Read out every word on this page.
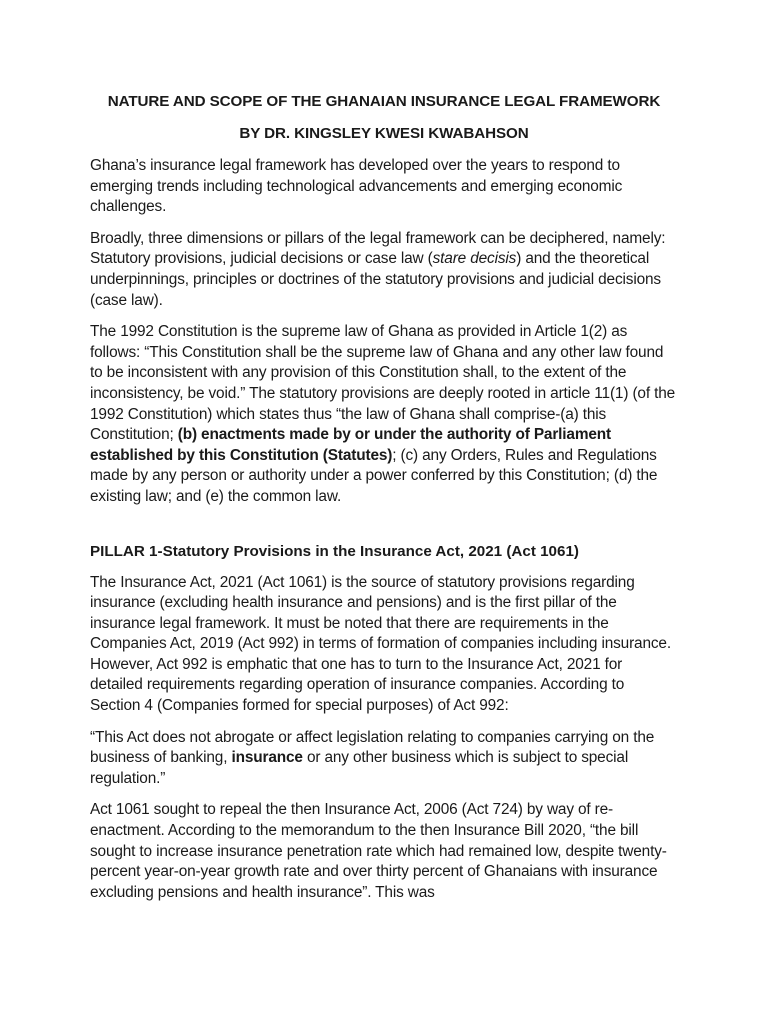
NATURE AND SCOPE OF THE GHANAIAN INSURANCE LEGAL FRAMEWORK
BY DR. KINGSLEY KWESI KWABAHSON

Ghana’s insurance legal framework has developed over the years to respond to emerging trends including technological advancements and emerging economic challenges.

Broadly, three dimensions or pillars of the legal framework can be deciphered, namely: Statutory provisions, judicial decisions or case law (stare decisis) and the theoretical underpinnings, principles or doctrines of the statutory provisions and judicial decisions (case law).

The 1992 Constitution is the supreme law of Ghana as provided in Article 1(2) as follows: “This Constitution shall be the supreme law of Ghana and any other law found to be inconsistent with any provision of this Constitution shall, to the extent of the inconsistency, be void.” The statutory provisions are deeply rooted in article 11(1) (of the 1992 Constitution) which states thus “the law of Ghana shall comprise-(a) this Constitution; (b) enactments made by or under the authority of Parliament established by this Constitution (Statutes); (c) any Orders, Rules and Regulations made by any person or authority under a power conferred by this Constitution; (d) the existing law; and (e) the common law.

PILLAR 1-Statutory Provisions in the Insurance Act, 2021 (Act 1061)

The Insurance Act, 2021 (Act 1061) is the source of statutory provisions regarding insurance (excluding health insurance and pensions) and is the first pillar of the insurance legal framework. It must be noted that there are requirements in the Companies Act, 2019 (Act 992) in terms of formation of companies including insurance. However, Act 992 is emphatic that one has to turn to the Insurance Act, 2021 for detailed requirements regarding operation of insurance companies. According to Section 4 (Companies formed for special purposes) of Act 992:

“This Act does not abrogate or affect legislation relating to companies carrying on the business of banking, insurance or any other business which is subject to special regulation.”

Act 1061 sought to repeal the then Insurance Act, 2006 (Act 724) by way of re-enactment. According to the memorandum to the then Insurance Bill 2020, “the bill sought to increase insurance penetration rate which had remained low, despite twenty-percent year-on-year growth rate and over thirty percent of Ghanaians with insurance excluding pensions and health insurance”. This was
